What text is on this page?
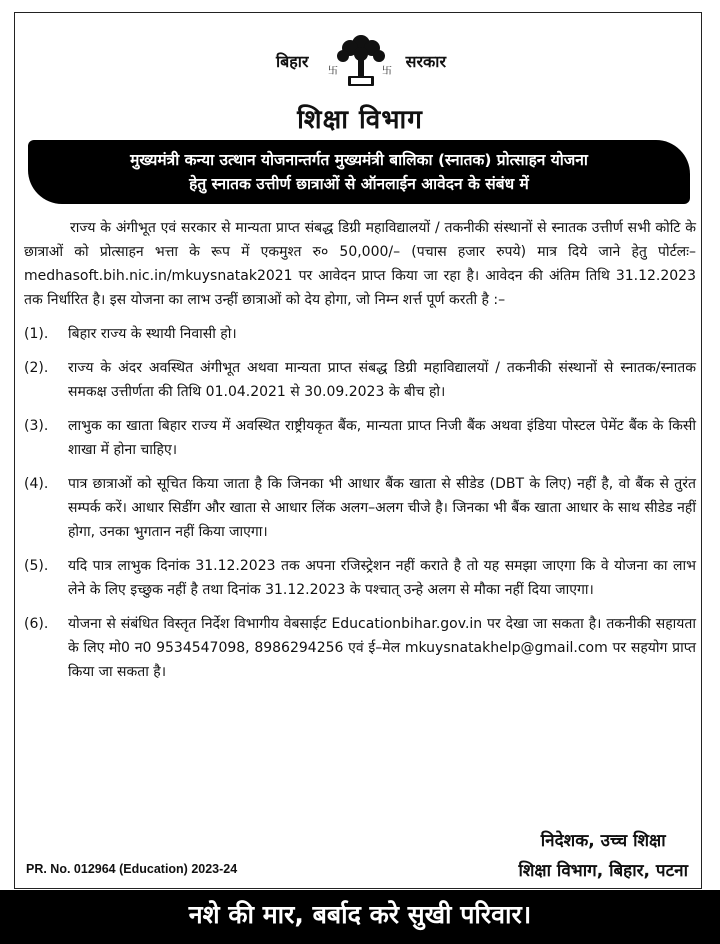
बिहार
卐	卐
सरकार
शिक्षा विभाग
मुख्यमंत्री कन्या उत्थान योजनान्तर्गत मुख्यमंत्री बालिका (स्नातक) प्रोत्साहन योजना
हेतु स्नातक उत्तीर्ण छात्राओं से ऑनलाईन आवेदन के संबंध में

राज्य के अंगीभूत एवं सरकार से मान्यता प्राप्त संबद्ध डिग्री महाविद्यालयों / तकनीकी संस्थानों से स्नातक उत्तीर्ण सभी कोटि के छात्राओं को प्रोत्साहन भत्ता के रूप में एकमुश्त रु० 50,000/– (पचास हजार रुपये) मात्र दिये जाने हेतु पोर्टलः– medhasoft.bih.nic.in/mkuysnatak2021 पर आवेदन प्राप्त किया जा रहा है। आवेदन की अंतिम तिथि 31.12.2023 तक निर्धारित है। इस योजना का लाभ उन्हीं छात्राओं को देय होगा, जो निम्न शर्त्त पूर्ण करती है :–

(1).	बिहार राज्य के स्थायी निवासी हो।
(2).	राज्य के अंदर अवस्थित अंगीभूत अथवा मान्यता प्राप्त संबद्ध डिग्री महाविद्यालयों / तकनीकी संस्थानों से स्नातक/स्नातक समकक्ष उत्तीर्णता की तिथि 01.04.2021 से 30.09.2023 के बीच हो।
(3).	लाभुक का खाता बिहार राज्य में अवस्थित राष्ट्रीयकृत बैंक, मान्यता प्राप्त निजी बैंक अथवा इंडिया पोस्टल पेमेंट बैंक के किसी शाखा में होना चाहिए।
(4).	पात्र छात्राओं को सूचित किया जाता है कि जिनका भी आधार बैंक खाता से सीडेड (DBT के लिए) नहीं है, वो बैंक से तुरंत सम्पर्क करें। आधार सिडींग और खाता से आधार लिंक अलग–अलग चीजे है। जिनका भी बैंक खाता आधार के साथ सीडेड नहीं होगा, उनका भुगतान नहीं किया जाएगा।
(5).	यदि पात्र लाभुक दिनांक 31.12.2023 तक अपना रजिस्ट्रेशन नहीं कराते है तो यह समझा जाएगा कि वे योजना का लाभ लेने के लिए इच्छुक नहीं है तथा दिनांक 31.12.2023 के पश्चात् उन्हे अलग से मौका नहीं दिया जाएगा।
(6).	योजना से संबंधित विस्तृत निर्देश विभागीय वेबसाईट Educationbihar.gov.in पर देखा जा सकता है। तकनीकी सहायता के लिए मो0 न0 9534547098, 8986294256 एवं ई–मेल mkuysnatakhelp@gmail.com पर सहयोग प्राप्त किया जा सकता है।
निदेशक, उच्च शिक्षा
शिक्षा विभाग, बिहार, पटना
PR. No. 012964 (Education) 2023-24
नशे की मार, बर्बाद करे सुखी परिवार।
